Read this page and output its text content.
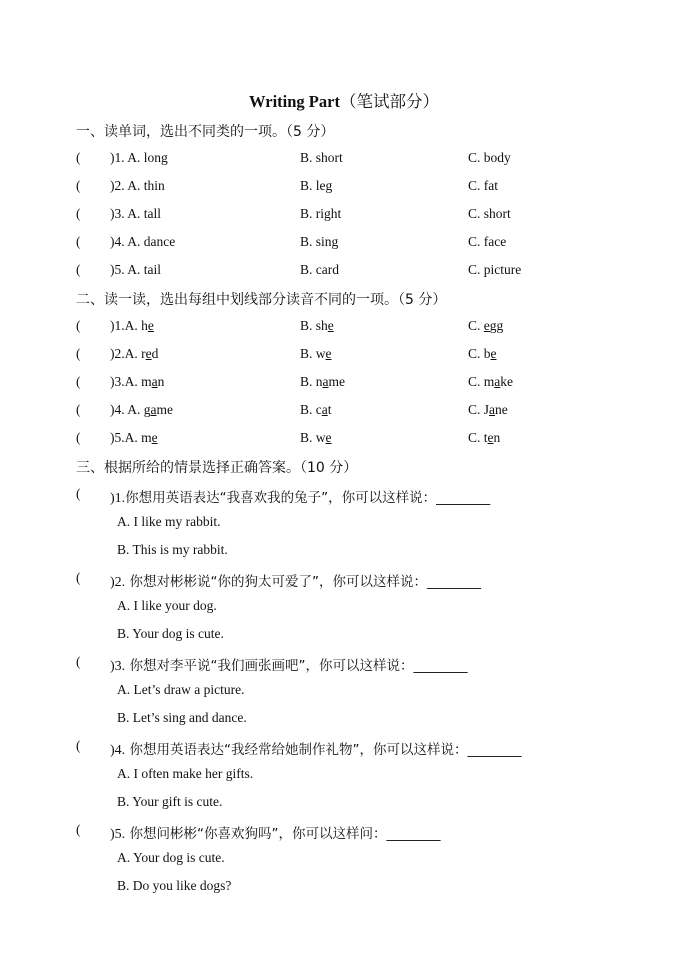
Writing Part（笔试部分）
一、读单词，选出不同类的一项。（5 分）
( )1. A. long	B. short	C. body
( )2. A. thin	B. leg	C. fat
( )3. A. tall	B. right	C. short
( )4. A. dance	B. sing	C. face
( )5. A. tail	B. card	C. picture
二、读一读，选出每组中划线部分读音不同的一项。（5 分）
( )1.A. he	B. she	C. egg
( )2.A. red	B. we	C. be
( )3.A. man	B. name	C. make
( )4. A. game	B. cat	C. Jane
( )5.A. me	B. we	C. ten
三、根据所给的情景选择正确答案。（10 分）
( )1.你想用英语表达“我喜欢我的兔子”，你可以这样说：________
A. I like my rabbit.
B. This is my rabbit.
( )2. 你想对彬彬说“你的狗太可爱了”，你可以这样说：________
A. I like your dog.
B. Your dog is cute.
( )3. 你想对李平说“我们画张画吧”，你可以这样说：________
A. Let’s draw a picture.
B. Let’s sing and dance.
( )4. 你想用英语表达“我经常给她制作礼物”，你可以这样说：________
A. I often make her gifts.
B. Your gift is cute.
( )5. 你想问彬彬“你喜欢狗吗”，你可以这样问：________
A. Your dog is cute.
B. Do you like dogs?
